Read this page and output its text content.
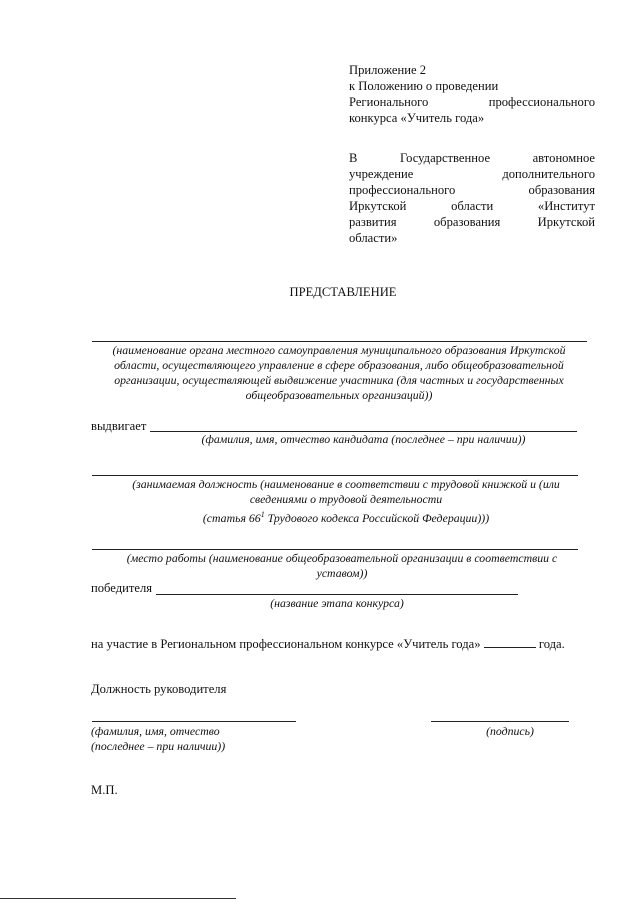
Приложение 2
к Положению о проведении
Регионального профессионального
конкурса «Учитель года»
В Государственное автономное
учреждение дополнительного
профессионального образования
Иркутской области «Институт
развития образования Иркутской
области»
ПРЕДСТАВЛЕНИЕ
(наименование органа местного самоуправления муниципального образования Иркутской
области, осуществляющего управление в сфере образования, либо общеобразовательной
организации, осуществляющей выдвижение участника (для частных и государственных
общеобразовательных организаций))
выдвигает
(фамилия, имя, отчество кандидата (последнее – при наличии))
(занимаемая должность (наименование в соответствии с трудовой книжкой и (или
сведениями о трудовой деятельности
(статья $66^1$ Трудового кодекса Российской Федерации)))
(место работы (наименование общеобразовательной организации в соответствии с
уставом))
победителя
(название этапа конкурса)
на участие в Региональном профессиональном конкурсе «Учитель года»	года.
Должность руководителя
(фамилия, имя, отчество
(последнее – при наличии))
(подпись)
М.П.
